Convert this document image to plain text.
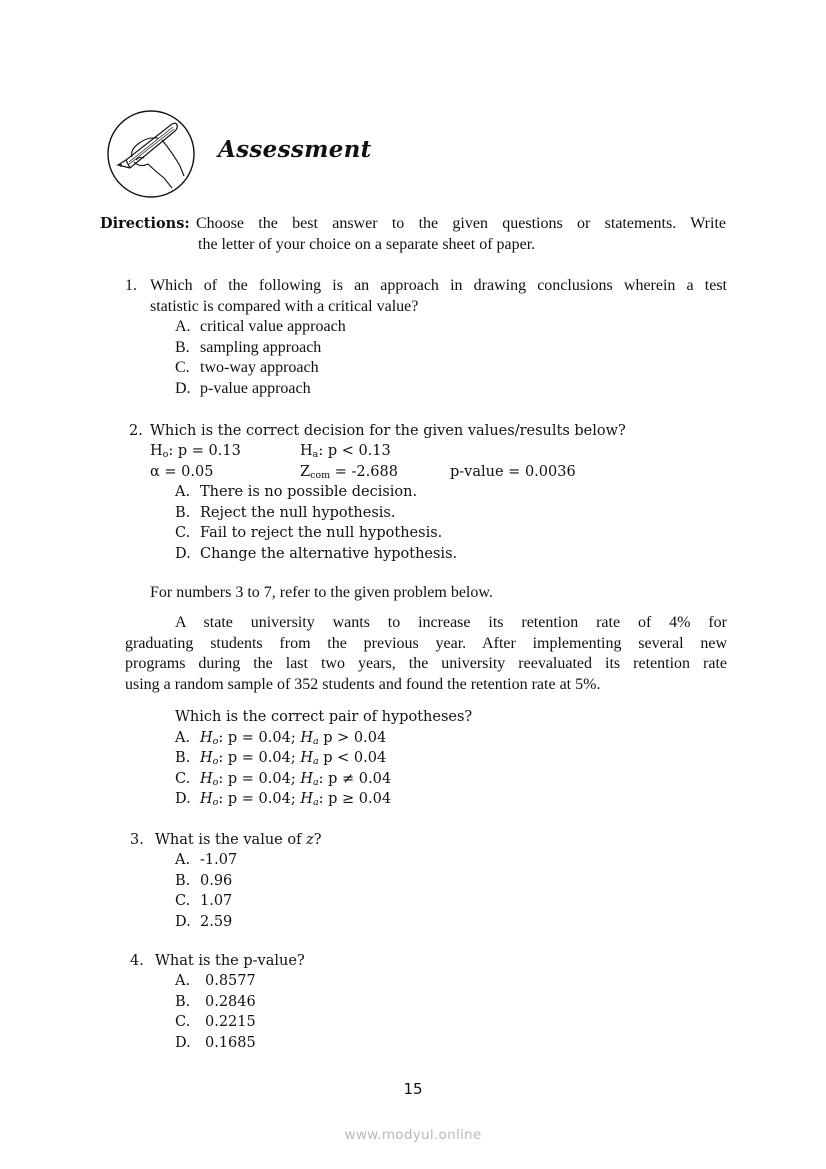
Assessment
Directions: Choose the best answer to the given questions or statements. Write
the letter of your choice on a separate sheet of paper.
1. Which of the following is an approach in drawing conclusions wherein a test
statistic is compared with a critical value?
A. critical value approach
B. sampling approach
C. two-way approach
D. p-value approach
2. Which is the correct decision for the given values/results below?
$H_o$: p = 0.13	$H_a$: p < 0.13
α = 0.05	$Z_{com} = -2.688$	p-value = 0.0036
A. There is no possible decision.
B. Reject the null hypothesis.
C. Fail to reject the null hypothesis.
D. Change the alternative hypothesis.
For numbers 3 to 7, refer to the given problem below.
A state university wants to increase its retention rate of 4% for
graduating students from the previous year. After implementing several new
programs during the last two years, the university reevaluated its retention rate
using a random sample of 352 students and found the retention rate at 5%.
Which is the correct pair of hypotheses?
A. $H_o$: p = 0.04; $H_a$ p > 0.04
B. $H_o$: p = 0.04; $H_a$ p < 0.04
C. $H_o$: p = 0.04; $H_a$: p ≠ 0.04
D. $H_o$: p = 0.04; $H_a$: p ≥ 0.04
3. What is the value of z?
A. -1.07
B. 0.96
C. 1.07
D. 2.59
4. What is the p-value?
A. 0.8577
B. 0.2846
C. 0.2215
D. 0.1685
15
www.modyul.online
